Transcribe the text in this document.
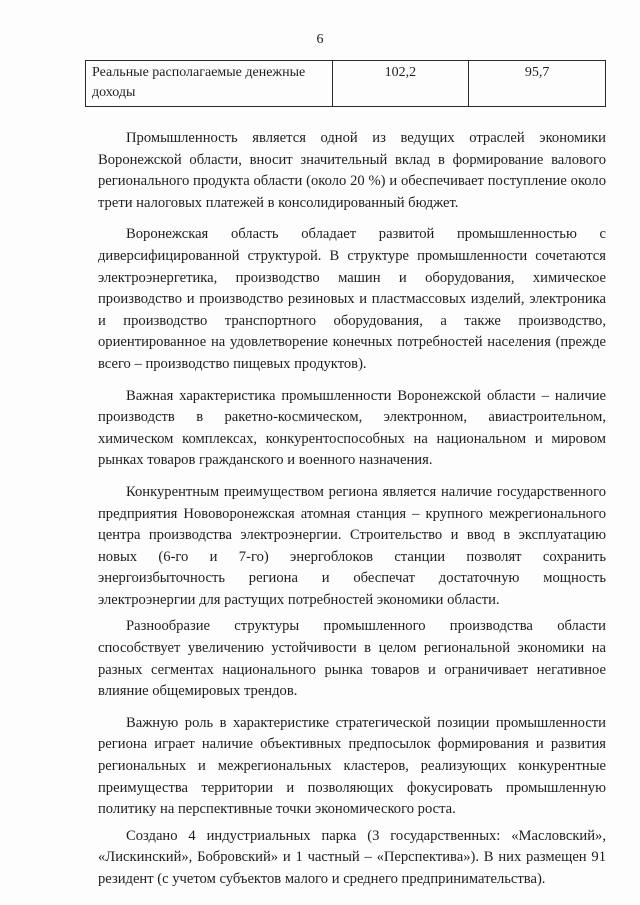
6
Реальные располагаемые денежные доходы	102,2	95,7

Промышленность является одной из ведущих отраслей экономики Воронежской области, вносит значительный вклад в формирование валового регионального продукта области (около 20 %) и обеспечивает поступление около трети налоговых платежей в консолидированный бюджет.

Воронежская область обладает развитой промышленностью с диверсифицированной структурой. В структуре промышленности сочетаются электроэнергетика, производство машин и оборудования, химическое производство и производство резиновых и пластмассовых изделий, электроника и производство транспортного оборудования, а также производство, ориентированное на удовлетворение конечных потребностей населения (прежде всего – производство пищевых продуктов).

Важная характеристика промышленности Воронежской области – наличие производств в ракетно-космическом, электронном, авиастроительном, химическом комплексах, конкурентоспособных на национальном и мировом рынках товаров гражданского и военного назначения.

Конкурентным преимуществом региона является наличие государственного предприятия Нововоронежская атомная станция – крупного межрегионального центра производства электроэнергии. Строительство и ввод в эксплуатацию новых (6-го и 7-го) энергоблоков станции позволят сохранить энергоизбыточность региона и обеспечат достаточную мощность электроэнергии для растущих потребностей экономики области.

Разнообразие структуры промышленного производства области способствует увеличению устойчивости в целом региональной экономики на разных сегментах национального рынка товаров и ограничивает негативное влияние общемировых трендов.

Важную роль в характеристике стратегической позиции промышленности региона играет наличие объективных предпосылок формирования и развития региональных и межрегиональных кластеров, реализующих конкурентные преимущества территории и позволяющих фокусировать промышленную политику на перспективные точки экономического роста.

Создано 4 индустриальных парка (3 государственных: «Масловский», «Лискинский», Бобровский» и 1 частный – «Перспектива»). В них размещен 91 резидент (с учетом субъектов малого и среднего предпринимательства).
